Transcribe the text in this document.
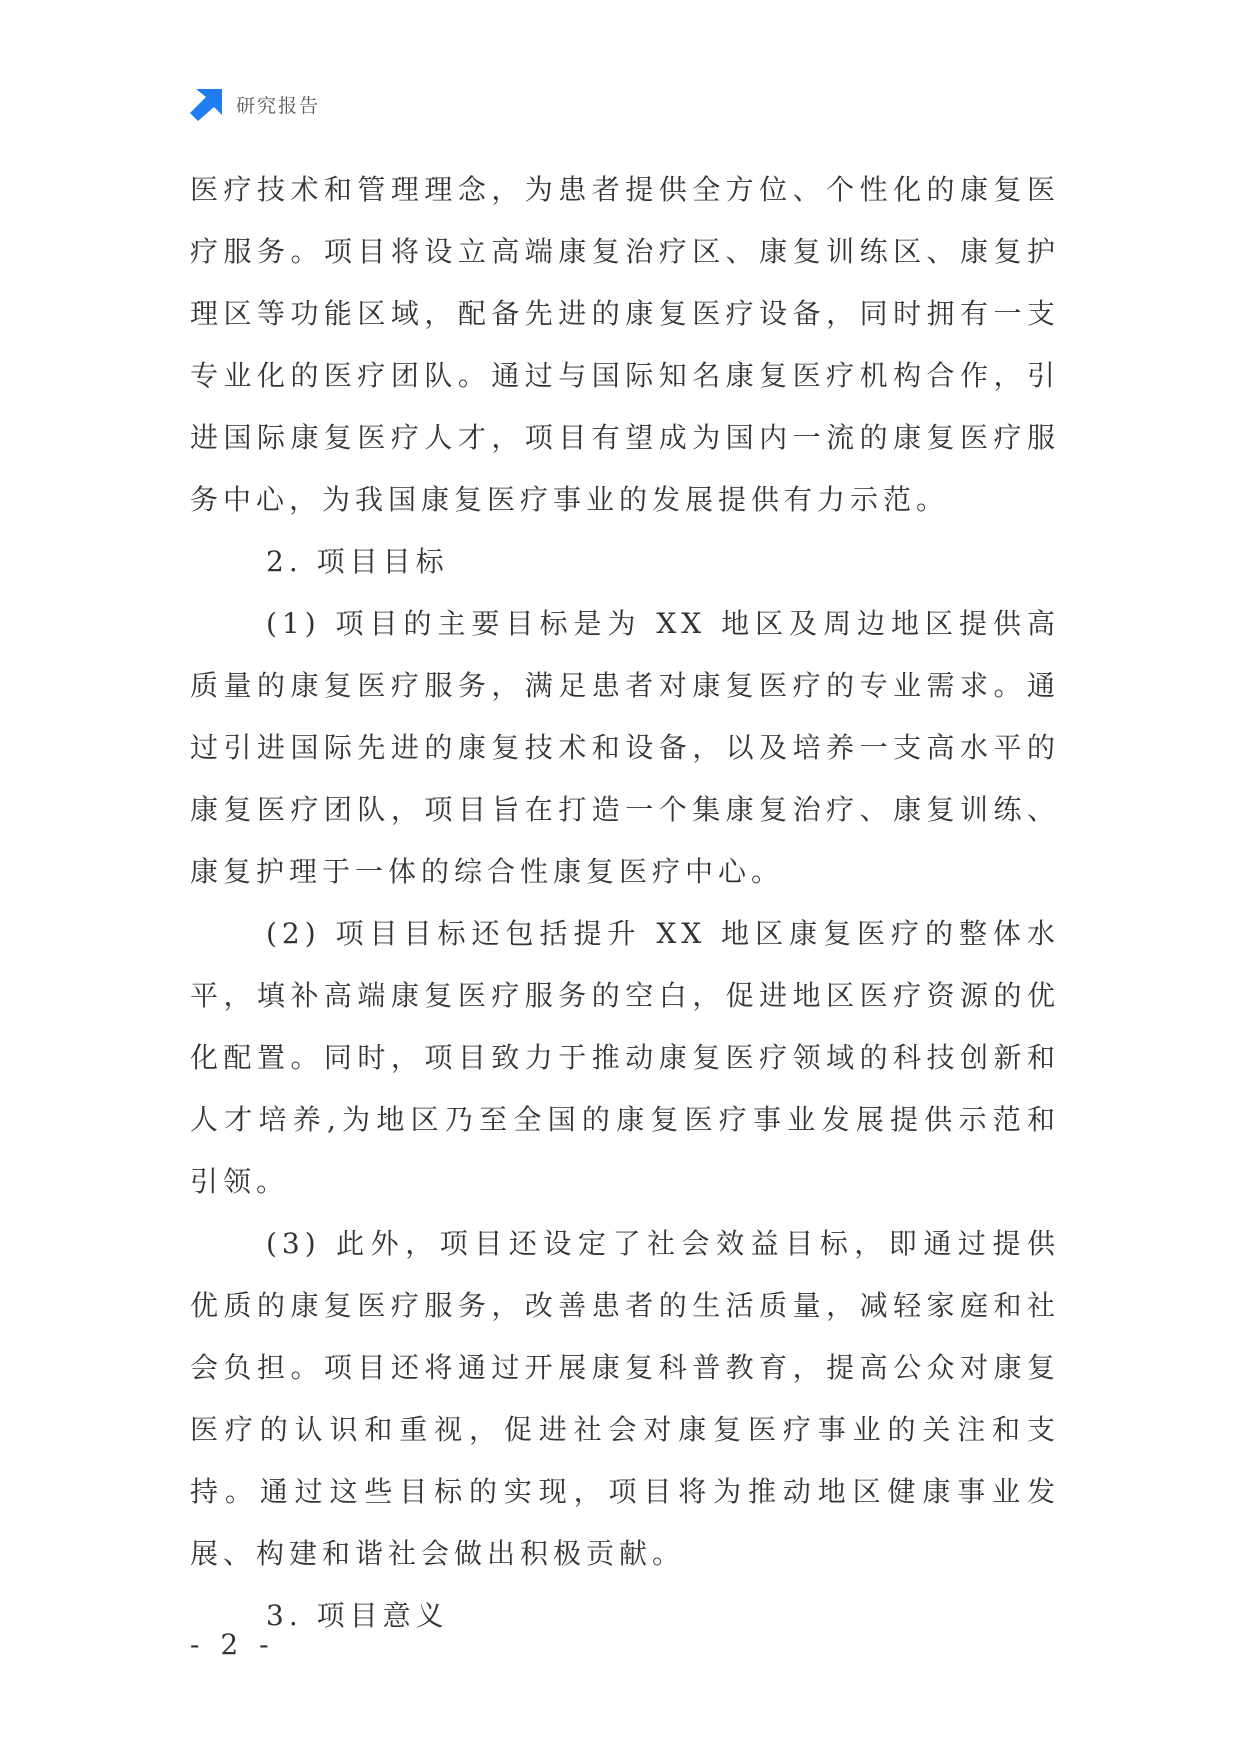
研究报告

医疗技术和管理理念，为患者提供全方位、个性化的康复医疗服务。项目将设立高端康复治疗区、康复训练区、康复护理区等功能区域，配备先进的康复医疗设备，同时拥有一支专业化的医疗团队。通过与国际知名康复医疗机构合作，引进国际康复医疗人才，项目有望成为国内一流的康复医疗服务中心，为我国康复医疗事业的发展提供有力示范。

2. 项目目标

(1) 项目的主要目标是为 XX 地区及周边地区提供高质量的康复医疗服务，满足患者对康复医疗的专业需求。通过引进国际先进的康复技术和设备，以及培养一支高水平的康复医疗团队，项目旨在打造一个集康复治疗、康复训练、康复护理于一体的综合性康复医疗中心。

(2) 项目目标还包括提升 XX 地区康复医疗的整体水平，填补高端康复医疗服务的空白，促进地区医疗资源的优化配置。同时，项目致力于推动康复医疗领域的科技创新和人才培养,为地区乃至全国的康复医疗事业发展提供示范和引领。

(3) 此外，项目还设定了社会效益目标，即通过提供优质的康复医疗服务，改善患者的生活质量，减轻家庭和社会负担。项目还将通过开展康复科普教育，提高公众对康复医疗的认识和重视，促进社会对康复医疗事业的关注和支持。通过这些目标的实现，项目将为推动地区健康事业发展、构建和谐社会做出积极贡献。

3. 项目意义

- 2 -
